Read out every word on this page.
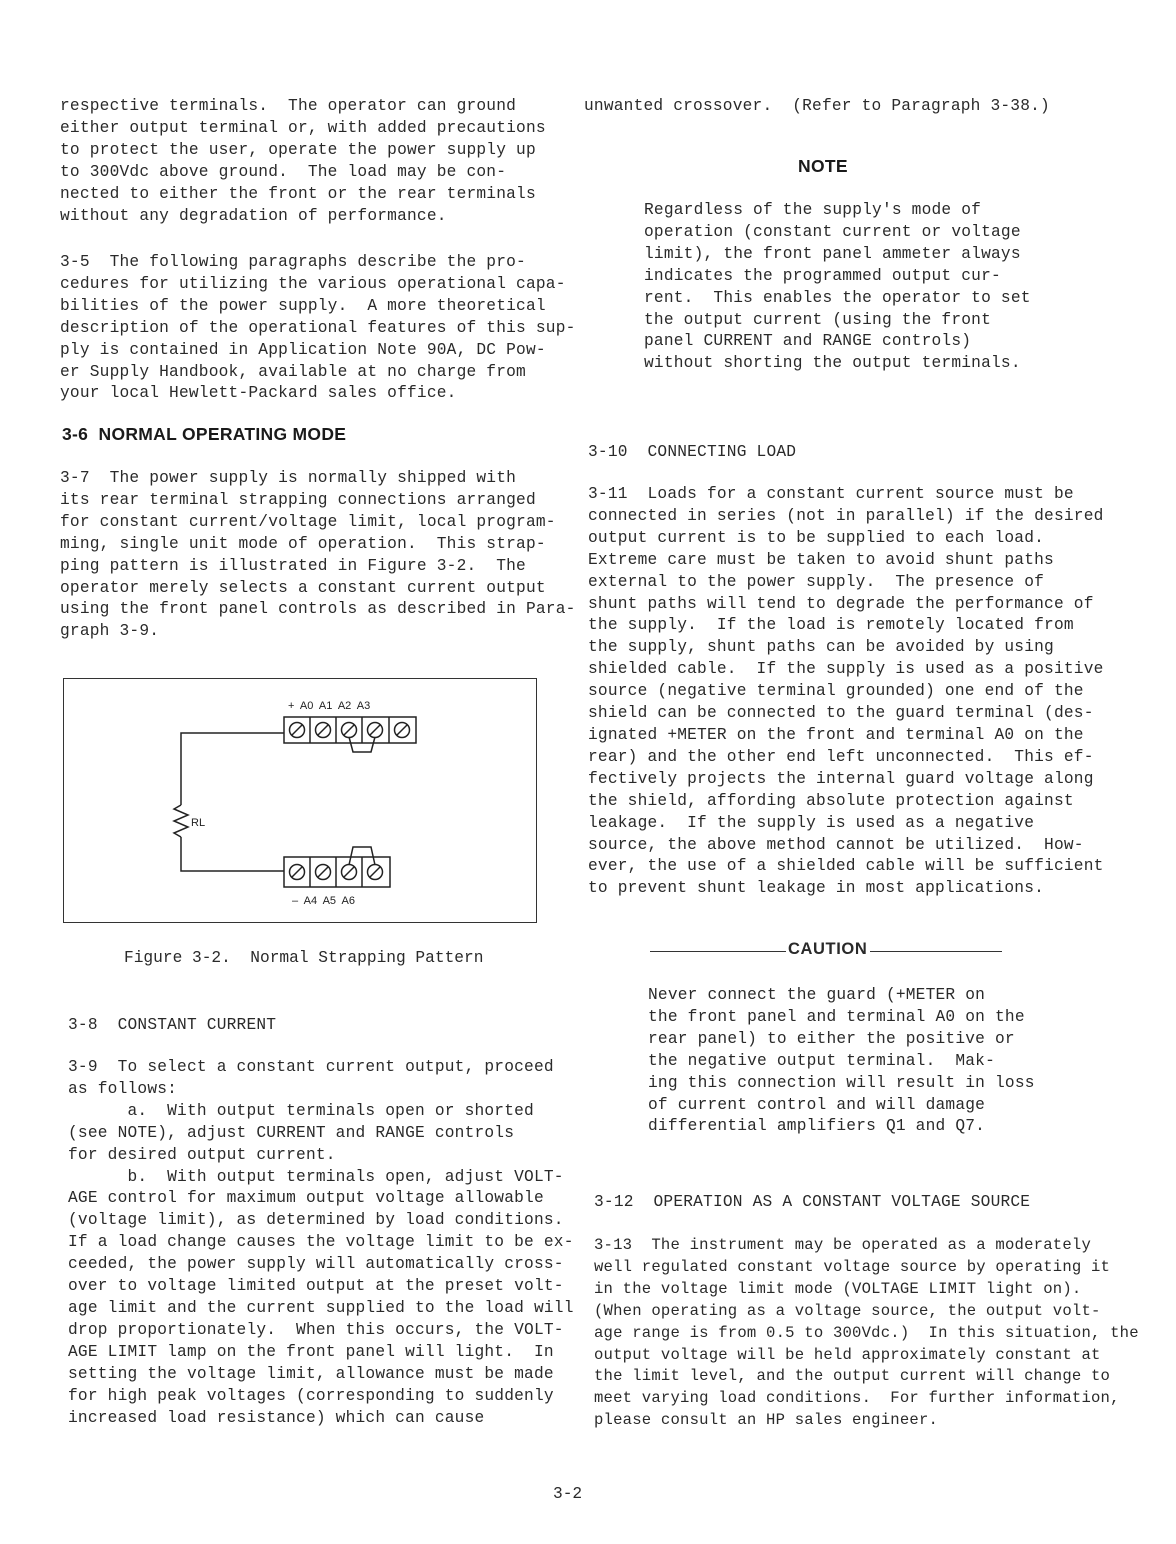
respective terminals.  The operator can ground
either output terminal or, with added precautions
to protect the user, operate the power supply up
to 300Vdc above ground.  The load may be con-
nected to either the front or the rear terminals
without any degradation of performance.
3-5  The following paragraphs describe the pro-
cedures for utilizing the various operational capa-
bilities of the power supply.  A more theoretical
description of the operational features of this sup-
ply is contained in Application Note 90A, DC Pow-
er Supply Handbook, available at no charge from
your local Hewlett-Packard sales office.
3-6  NORMAL OPERATING MODE
3-7  The power supply is normally shipped with
its rear terminal strapping connections arranged
for constant current/voltage limit, local program-
ming, single unit mode of operation.  This strap-
ping pattern is illustrated in Figure 3-2.  The
operator merely selects a constant current output
using the front panel controls as described in Para-
graph 3-9.
+  A0  A1  A2  A3
RL
–  A4  A5  A6
Figure 3-2.  Normal Strapping Pattern
3-8  CONSTANT CURRENT
3-9  To select a constant current output, proceed
as follows:
a.  With output terminals open or shorted
(see NOTE), adjust CURRENT and RANGE controls
for desired output current.
b.  With output terminals open, adjust VOLT-
AGE control for maximum output voltage allowable
(voltage limit), as determined by load conditions.
If a load change causes the voltage limit to be ex-
ceeded, the power supply will automatically cross-
over to voltage limited output at the preset volt-
age limit and the current supplied to the load will
drop proportionately.  When this occurs, the VOLT-
AGE LIMIT lamp on the front panel will light.  In
setting the voltage limit, allowance must be made
for high peak voltages (corresponding to suddenly
increased load resistance) which can cause
unwanted crossover.  (Refer to Paragraph 3-38.)
NOTE
Regardless of the supply's mode of
operation (constant current or voltage
limit), the front panel ammeter always
indicates the programmed output cur-
rent.  This enables the operator to set
the output current (using the front
panel CURRENT and RANGE controls)
without shorting the output terminals.
3-10  CONNECTING LOAD
3-11  Loads for a constant current source must be
connected in series (not in parallel) if the desired
output current is to be supplied to each load.
Extreme care must be taken to avoid shunt paths
external to the power supply.  The presence of
shunt paths will tend to degrade the performance of
the supply.  If the load is remotely located from
the supply, shunt paths can be avoided by using
shielded cable.  If the supply is used as a positive
source (negative terminal grounded) one end of the
shield can be connected to the guard terminal (des-
ignated +METER on the front and terminal A0 on the
rear) and the other end left unconnected.  This ef-
fectively projects the internal guard voltage along
the shield, affording absolute protection against
leakage.  If the supply is used as a negative
source, the above method cannot be utilized.  How-
ever, the use of a shielded cable will be sufficient
to prevent shunt leakage in most applications.
CAUTION
Never connect the guard (+METER on
the front panel and terminal A0 on the
rear panel) to either the positive or
the negative output terminal.  Mak-
ing this connection will result in loss
of current control and will damage
differential amplifiers Q1 and Q7.
3-12  OPERATION AS A CONSTANT VOLTAGE SOURCE
3-13  The instrument may be operated as a moderately
well regulated constant voltage source by operating it
in the voltage limit mode (VOLTAGE LIMIT light on).
(When operating as a voltage source, the output volt-
age range is from 0.5 to 300Vdc.)  In this situation, the
output voltage will be held approximately constant at
the limit level, and the output current will change to
meet varying load conditions.  For further information,
please consult an HP sales engineer.
3-2
